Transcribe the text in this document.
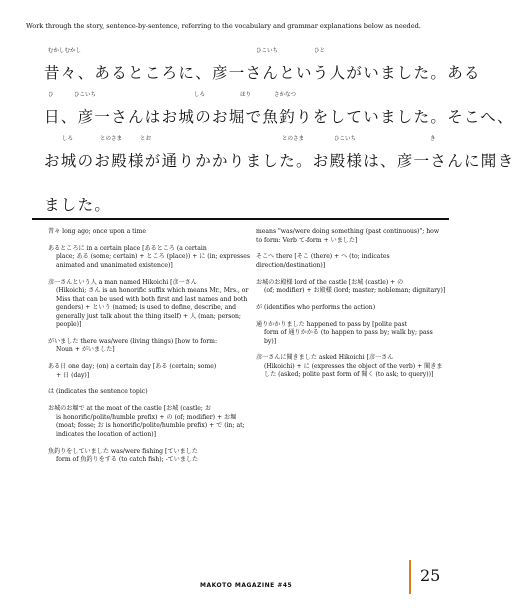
Work through the story, sentence-by-sentence, referring to the vocabulary and grammar explanations below as needed.
むかしむかし	ひこいち	ひと
昔々、あるところに、彦一さんという人がいました。ある
ひ	ひこいち	しろ	ほり	さかなつ
日、彦一さんはお城のお堀で魚釣りをしていました。そこへ、
しろ	とのさま	とお	とのさま	ひこいち	き
お城のお殿様が通りかかりました。お殿様は、彦一さんに聞き
ました。
昔々 long ago; once upon a time
あるところに in a certain place [あるところ (a certain
place; ある (some; certain) + ところ (place)) + に (in; expresses animated and unanimated existence)]
彦一さんという人 a man named Hikoichi [彦一さん
(Hikoichi; さん is an honorific suffix which means Mr., Mrs., or Miss that can be used with both first and last names and both genders) + という (named; is used to define, describe, and generally just talk about the thing itself) + 人 (man; person; people)]
がいました there was/were (living things) [how to form:
Noun + がいました]
ある日 one day; (on) a certain day [ある (certain; some)
+ 日 (day)]
は (indicates the sentence topic)
お城のお堀で at the moat of the castle [お城 (castle; お
is honorific/polite/humble prefix) + の (of; modifier) + お堀 (moat; fosse; お is honorific/polite/humble prefix) + で (in; at; indicates the location of action)]
魚釣りをしていました was/were fishing [ていました
form of 魚釣りをする (to catch fish); -ていました
means "was/were doing something (past continuous)"; how to form: Verb て-form + いました]
そこへ there [そこ (there) + へ (to; indicates direction/destination)]
お城のお殿様 lord of the castle [お城 (castle) + の
(of; modifier) + お殿様 (lord; master; nobleman; dignitary)]
が (identifies who performs the action)
通りかかりました happened to pass by [polite past
form of 通りかかる (to happen to pass by; walk by; pass by)]
彦一さんに聞きました asked Hikoichi [彦一さん
(Hikoichi) + に (expresses the object of the verb) + 聞きました (asked; polite past form of 聞く (to ask; to query))]
MAKOTO MAGAZINE #45
25
